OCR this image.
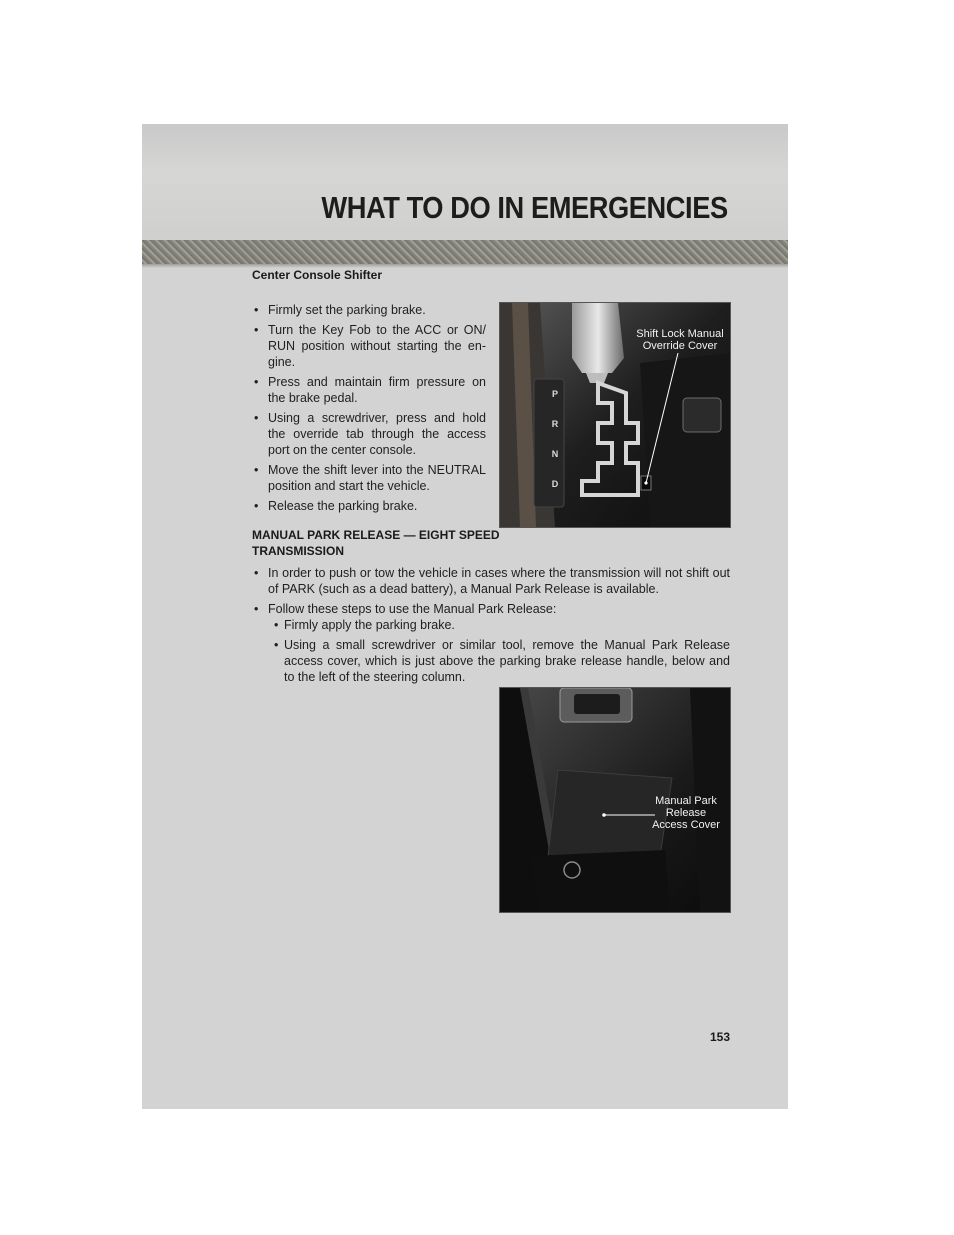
WHAT TO DO IN EMERGENCIES
Center Console Shifter
• Firmly set the parking brake.
• Turn the Key Fob to the ACC or ON/ RUN position without starting the en- gine.
• Press and maintain firm pressure on the brake pedal.
• Using a screwdriver, press and hold the override tab through the access port on the center console.
• Move the shift lever into the NEUTRAL position and start the vehicle.
• Release the parking brake.
Shift Lock Manual
Override Cover
P
R
N
D
MANUAL PARK RELEASE — EIGHT SPEED
TRANSMISSION
• In order to push or tow the vehicle in cases where the transmission will not shift out of PARK (such as a dead battery), a Manual Park Release is available.
• Follow these steps to use the Manual Park Release:
• Firmly apply the parking brake.
• Using a small screwdriver or similar tool, remove the Manual Park Release access cover, which is just above the parking brake release handle, below and to the left of the steering column.
Manual Park
Release
Access Cover
153
